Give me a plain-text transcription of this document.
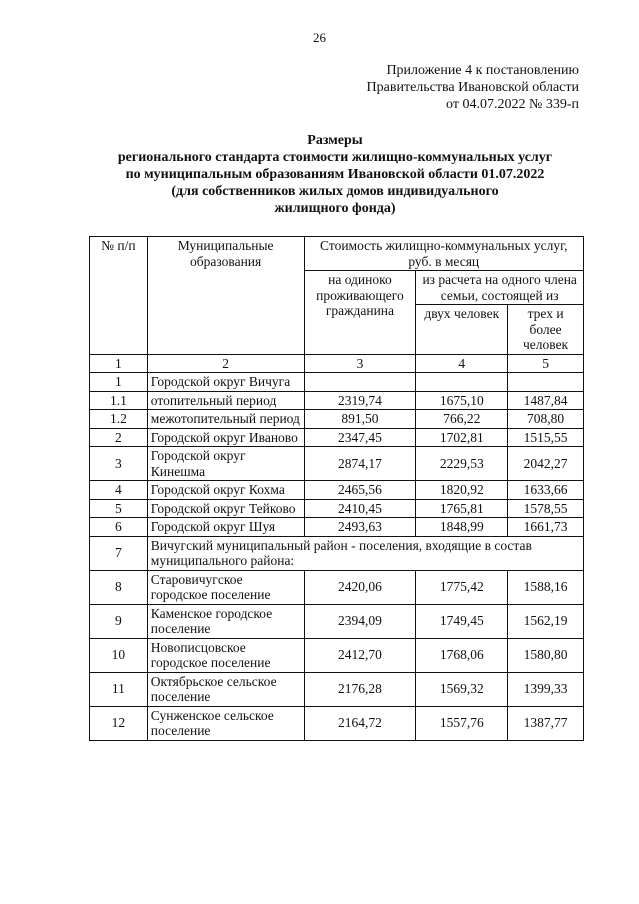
26
Приложение 4 к постановлению
Правительства Ивановской области
от 04.07.2022 № 339-п
Размеры
регионального стандарта стоимости жилищно-коммунальных услуг
по муниципальным образованиям Ивановской области 01.07.2022
(для собственников жилых домов индивидуального
жилищного фонда)
№ п/п	Муниципальные образования	Стоимость жилищно-коммунальных услуг, руб. в месяц		
		на одиноко проживающего гражданина	из расчета на одного члена семьи, состоящей из	
			двух человек	трех и более человек
1	2	3	4	5
1	Городской округ Вичуга			
1.1	отопительный период	2319,74	1675,10	1487,84
1.2	межотопительный период	891,50	766,22	708,80
2	Городской округ Иваново	2347,45	1702,81	1515,55
3	Городской округ Кинешма	2874,17	2229,53	2042,27
4	Городской округ Кохма	2465,56	1820,92	1633,66
5	Городской округ Тейково	2410,45	1765,81	1578,55
6	Городской округ Шуя	2493,63	1848,99	1661,73
7	Вичугский муниципальный район - поселения, входящие в состав муниципального района:			
8	Старовичугское городское поселение	2420,06	1775,42	1588,16
9	Каменское городское поселение	2394,09	1749,45	1562,19
10	Новописцовское городское поселение	2412,70	1768,06	1580,80
11	Октябрьское сельское поселение	2176,28	1569,32	1399,33
12	Сунженское сельское поселение	2164,72	1557,76	1387,77
